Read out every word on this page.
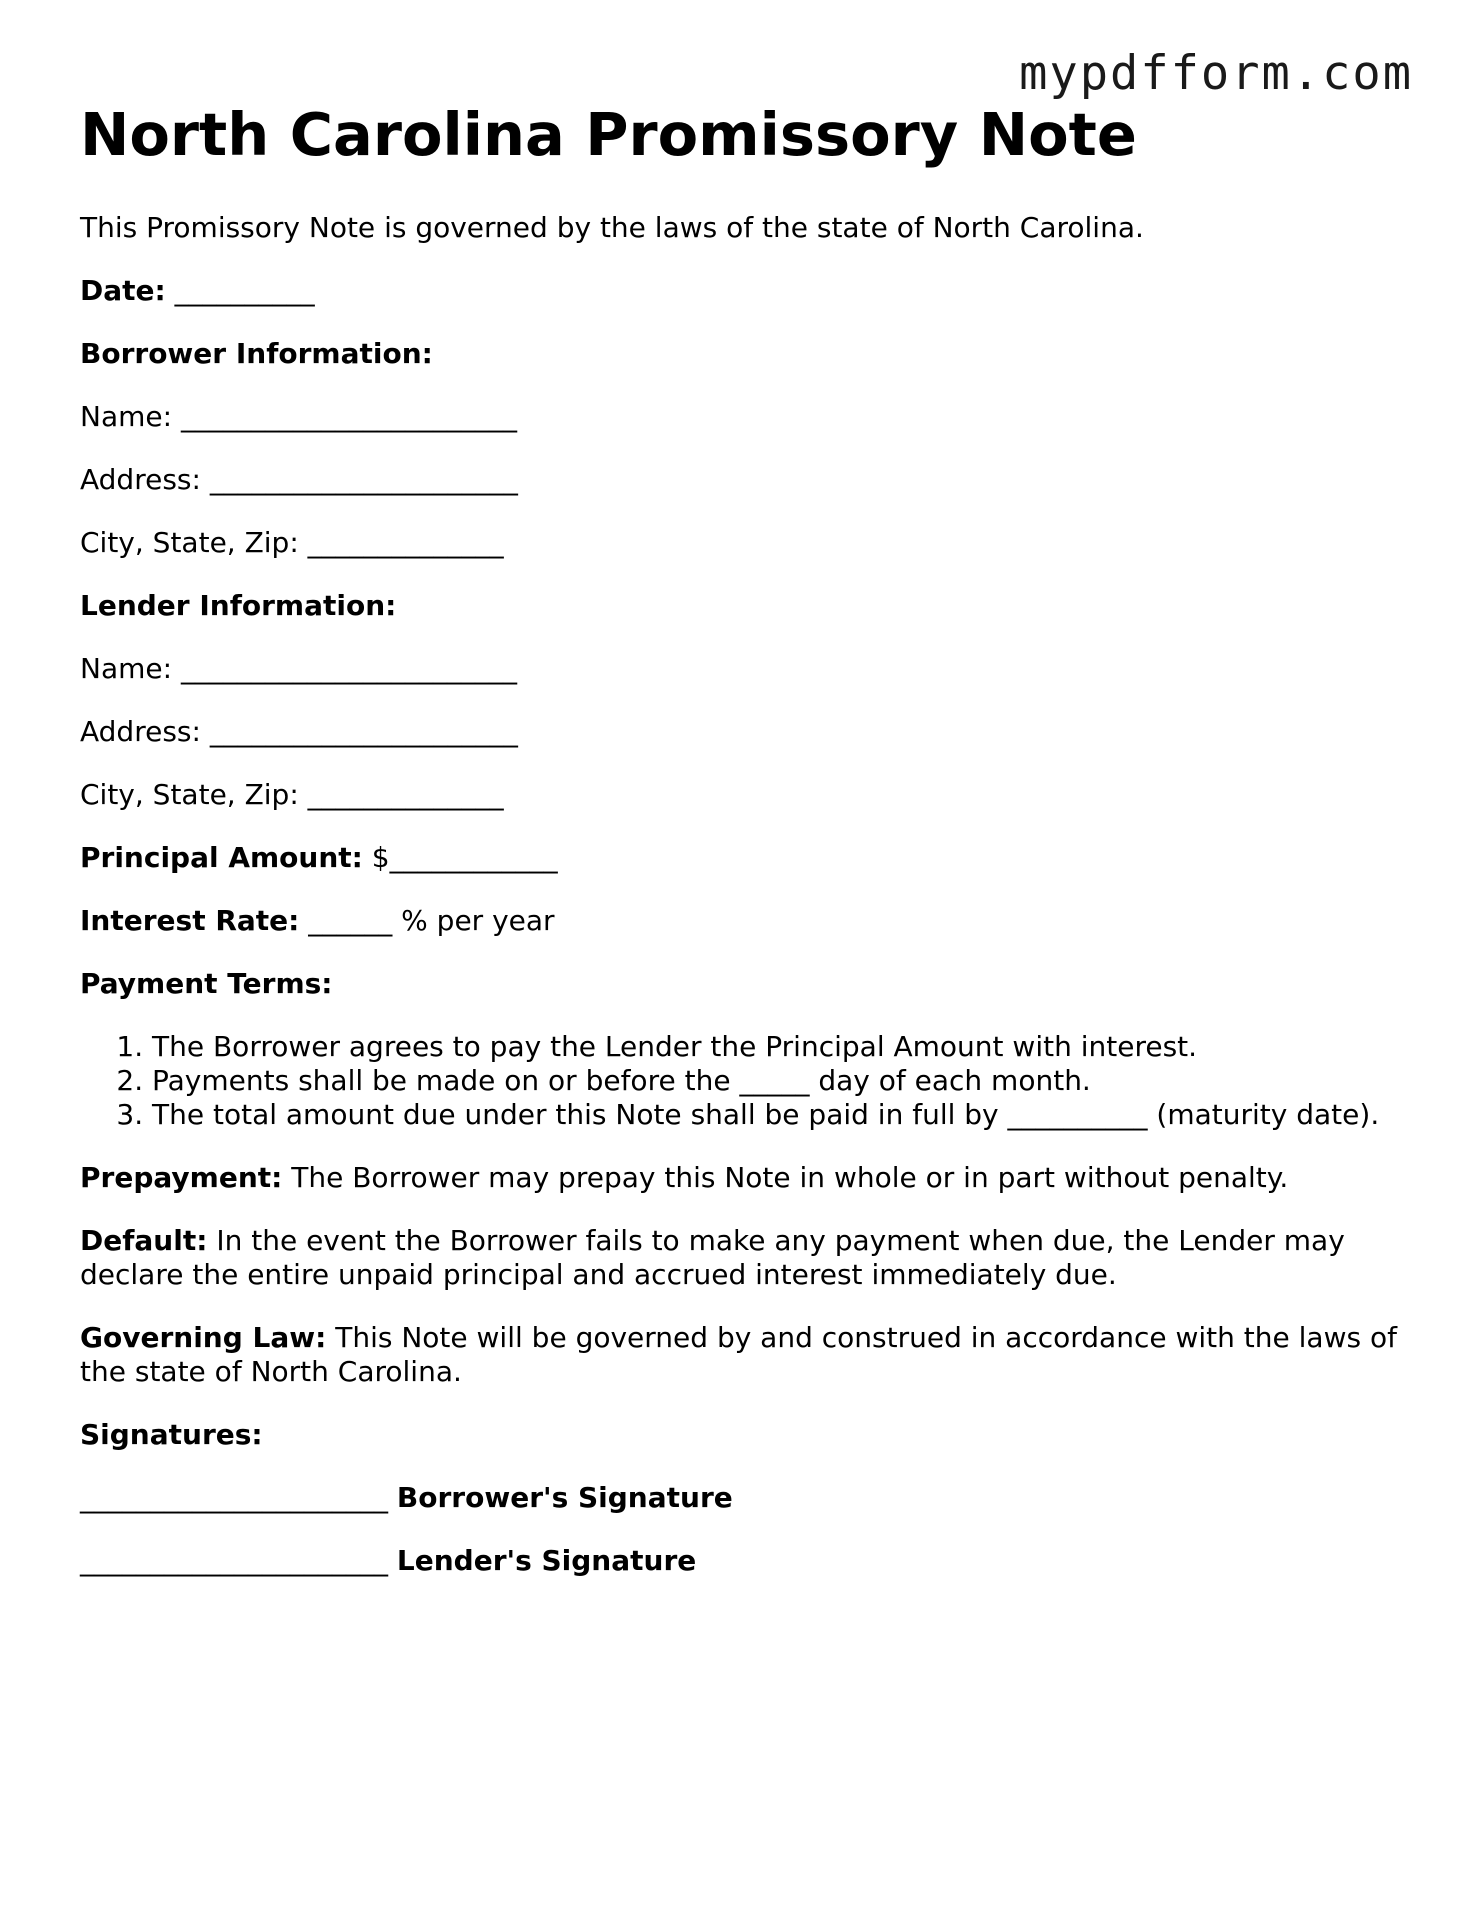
mypdfform.com
North Carolina Promissory Note

This Promissory Note is governed by the laws of the state of North Carolina.

Date: __________

Borrower Information:

Name: ________________________

Address: ______________________

City, State, Zip: ______________

Lender Information:

Name: ________________________

Address: ______________________

City, State, Zip: ______________

Principal Amount: $____________

Interest Rate: ______ % per year

Payment Terms:

1. The Borrower agrees to pay the Lender the Principal Amount with interest.
2. Payments shall be made on or before the _____ day of each month.
3. The total amount due under this Note shall be paid in full by __________ (maturity date).
Prepayment: The Borrower may prepay this Note in whole or in part without penalty.
Default: In the event the Borrower fails to make any payment when due, the Lender may declare the entire unpaid principal and accrued interest immediately due.
Governing Law: This Note will be governed by and construed in accordance with the laws of the state of North Carolina.

Signatures:

______________________ Borrower's Signature

______________________ Lender's Signature
